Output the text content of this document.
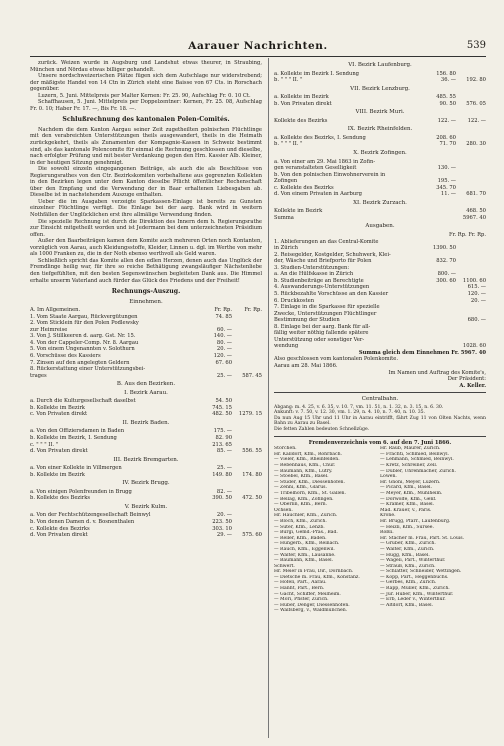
Aarauer Nachrichten.	539

zurück. Weizen wurde in Augsburg und Landshut etwas theurer, in Straubing, München und Nördau etwas billiger gehandelt.

Unsere nordschweizerischen Plätze fügen sich dem Aufschlage nur widerstrebend; der mäßigste Handel von 14 Ctn in Zürich steht eine Baisse von 67 Cts. in Rorschach gegenüber.

Luzern, 5. Juni. Mittelpreis per Malter Kernen: Fr. 25. 90, Aufschlag Fr. 0. 10 Ct.

Schaffhausen, 5. Juni. Mittelpreis per Doppelzentner: Kernen, Fr. 25. 08, Aufschlag Fr. 0. 10; Haber Fr. 17. —, Bis Fr. 18. —.

Schlußrechnung des kantonalen Polen-Comités.

Nachdem die dem Kanton Aargau seiner Zeit zugetheilten polnischen Flüchtlinge mit den verabreichten Unterstützungen theils ausgewandert, theils in die Heimath zurückgekehrt, theils als Zunamenten der Kompagnie-Kassen in Schweiz bestimmt sind, als das kantonale Polencomite für einmal die Rechnung geschlossen und dieselbe, nach erfolgter Prüfung und mit bester Verdankung gegen den Hrn. Kassier Alb. Kleiner, in der heutigen Sitzung genehmigt.

Die sowohl einzeln eingegangenen Beiträge, als auch die als Beschlüsse von Regierungsrathes von den Ctr. Bezirkskomiten vorbehaltene aus gegrenzten Kollekten in den Bezirken legen unter dem Kanton dieselbe Pflicht öffentlicher Rechenschaft über den Empfang und die Verwendung der in Baar erhaltenen Liebesgaben ab. Dieselbe ist in nachstehendem Auszuge enthalten.

Ueber die im Ausgaben verzeigte Sparkassen-Einlage ist bereits zu Gunsten einzelner Flüchtlinge verfügt. Die Einlage bei der aarg. Bank wird in weitern Nothfällen der Unglücklichen erst ihre allmälige Verwendung finden.

Die spezielle Rechnung ist durch die Direktion des Innern dem h. Regierungsrathe zur Einsicht mitgetheilt worden und ist Jedermann bei dem unterzeichneten Präsidium offen.

Außer den Baarbeiträgen kamen dem Komite auch mehreren Orten noch Kontanten, vorzüglich von Aarau, auch Kleidungsstoffe, Kleider, Linnen u. dgl. im Werthe von mehr als 1000 Franken zu, die in der Noth ebenso werthvoll als Geld waren.

Schließlich spricht das Komite allen den edlen Herzen, denen auch das Unglück der Fremdlinge heilig war, für ihre so reiche Bethätigung zwangsläufiger Nächstenliebe den tiefgefühlten, mit den besten Segenswünschen begleiteten Dank aus. Die Himmel erhalte unserm Vaterland auch fürder das Glück des Friedens und der Freiheit!

Rechnungs-Auszug.
Einnehmen.
A. Im Allgemeinen.	Fr. Rp.	Fr. Rp.
1. Vom Staate Aargau, Rückvergütungen	74. 85
2. Vom Sticklein für den Polen Podlewsky
zur Heimreise	60. —
3. Von J. Stillkeeren d. aarg. Gst. Nr. 15.	140. —
4. Von der Cappeler-Comp. Nr. 8. Aargau	80. —
5. Von einem Ungenannten v. Solothurn	20. —
6. Vorschüsse des Kassiers	120. —
7. Zinsen auf den angelegten Geldern	67. 60
8. Rückerstattung einer Unterstützungsbei-
trages	25. —	587. 45
B. Aus den Bezirken.
I. Bezirk Aarau.
a. Durch die Kulturgesellschaft daselbst	54. 50
b. Kollekte im Bezirk	745. 15
c. Von Privaten direkt	482. 50	1279. 15
II. Bezirk Baden.
a. Von den Offiziersdamen in Baden	175. —
b. Kollekte im Bezirk, I. Sendung	82. 90
c. " " " II. "	213. 65
d. Von Privaten direkt	85. —	556. 55
III. Bezirk Bremgarten.
a. Von einer Kollekte in Villmergen	25. —
b. Kollekte im Bezirk	149. 80	174. 80
IV. Bezirk Brugg.
a. Von einigen Polenfreunden in Brugg	82. —
b. Kollekte des Bezirks	390. 50	472. 50
V. Bezirk Kulm.
a. Von der Fechtschützengesellschaft Beinwyl	20. —
b. Von denen Damen d. v. Bosnenthalen	223. 50
c. Kollekte des Bezirks	303. 10
d. Von Privaten direkt	29. —	575. 60
VI. Bezirk Laufenburg.
a. Kollekte im Bezirk I. Sendung	156. 80
b. " " " II. "	36. —	192. 80
VII. Bezirk Lenzburg.
a. Kollekte im Bezirk	485. 55
b. Von Privaten direkt	90. 50	576. 05
VIII. Bezirk Muri.
Kollekte des Bezirks	122. —	122. —
IX. Bezirk Rheinfelden.
a. Kollekte des Bezirks, I. Sendung	208. 60
b. " " " II. "	71. 70	280. 30
X. Bezirk Zofingen.
a. Von einer am 29. Mai 1863 in Zofin-
gen veranstalteten Geselligkeit	130. —
b. Von den polnischen Einwohnerverein in
Zofingen	195. —
c. Kollekte des Bezirks	345. 70
d. Von einem Privaten in Aarburg	11. —	681. 70
XI. Bezirk Zurzach.
Kollekte im Bezirk	468. 50
Summa	5967. 40
Ausgaben.
Fr. Rp. Fr. Rp.
1. Ablieferungen an das Central-Komite
in Zürich	1390. 50
2. Reisegelder, Kostgelder, Schuhwerk, Klei-
der, Wäsche und Briefporto für Polen	832. 70
3. Studien-Unterstützungen:
a. An die Hülfskasse in Zürich	800. —
b. Studienbeiträge an Berechtigte	300. 60	1100. 60
4. Auswanderungs-Unterstützungen	615. —
5. Rückbezahlte Vorschüsse an den Kassier	120. —
6. Druckkosten	20. —
7. Einlage in die Sparkasse für spezielle
Zwecke, Unterstützungen Flüchtlinger
Bestimmung der Studien	680. —
8. Einlage bei der aarg. Bank für all-
fällig weiter nöthig fallende spätere
Unterstützung oder sonstiger Ver-
wendung	1028. 60
Summa gleich dem Einnehmen Fr. 5967. 40
Also geschlossen vom kantonalen Polenkomite.
Aarau am 28. Mai 1866.
Im Namen und Auftrag des Komite's,
Der Präsident:
A. Keller.
Centralbahn.
Abgang: m. 4. 25, v. 6. 35, v. 10. 7, vm. 11. 51, n. 1. 32, n. 3. 15, n. 6. 30.
Ankunft: v. 7. 50, v. 12. 30, vm. 1. 29, n. 4. 10, n. 7. 40, n. 10. 35.
Da nun Aug 15 Uhr und 11 Uhr in Aarau eintrifft, fährt Zug 11 von Olten Nachts, wenn Bahn zu Aarau zu Basel.
Die fetten Zahlen bedeuten Schnellzüge.
Fremdenverzeichnis vom 6. auf den 7. Juni 1866.
Storchen.
Hr. Kalldorf, Kfm., Rohrbach.
— Vieler, Kfm., Rheinfelden.
— Rebenhaus, Kfm., Chur.
— Baumann, Kfm., Lutry.
— Stoebel, Kfm., Basel.
— Studer, Kfm., Diessenhofen.
— Zenni, Kfm., Glarus.
— Tribelhorn, Kfm., St. Gallen.
— Bellag, Kfm., Zofingen.
— Oberlin, Kfm., Bern.
Ochsen.
Hr. Hauchler, Kfm., Zürich.
— Bloch, Kfm., Zürich.
— Suter, Kfm., Lenzb.
— Bürgi, Gemd.-Präs., Bad.
— Reller, Kfm., Baden.
— Hungerb., Kfm., Reinach.
— Rauch, Kfm., Eggenwil.
— Walter, Kfm., Lausanne.
— Baumann, Kfm., Basel.
Schwert.
Hr. Meier in Frau, Dir., Dornbach.
— Dietsche m. Frau, Kfm., Konstanz.
— Höfeli, Part., Aarau.
— Hanht, Part., Bern.
— Gächt, Schiffer, Meilheim.
— Mori, Pfister, Zürich.
— Huber, Denger, Diessenhofen.
— Walfsberg, v., Waldmünchen.
Hr. Raub, Maurer, Zürich.
— Frachti, Schmied, Beinwyl.
— Lehmann, Schmied, Beinwyl.
— Kretz, Schreiner, Zell.
— Dubler, Uhrenmacher, Zürich.
Löwen.
Hr. Gnoni, Meyer, Luzern.
— Picard, Kfm., Basel.
— Meyer, Kfm., Mühlheim.
— Dorwolfe, Kfm., Genf.
— Kramer, Kfm., Basel.
Mad. Kräuer, v., Paris.
Krone.
Hr. Brugg, Pfarr., Laufenburg.
— Heizli, Kfm., Sursee.
Rößli.
Hr. Stächer m. Frau, Part. St. Louis.
— Gruber, Kfm., Zürich.
— Walter, Kfm., Zürich.
— Hugg, Kfm., Basel.
— Wägeli, Part., Winterthur.
— Strauß, Kfm., Zürich.
— Schlatter, Schneider, Wettingen.
— Kopp, Part., Heggenbuchs.
— Gerbes, Kfm., Zürich.
— Rapp, Müller, Kfm., Zürich.
— Jur. Huber, Kfm., Winterthur.
— Erb, Leder v., Winterthur.
— Altdorf, Kfm., Basel.
